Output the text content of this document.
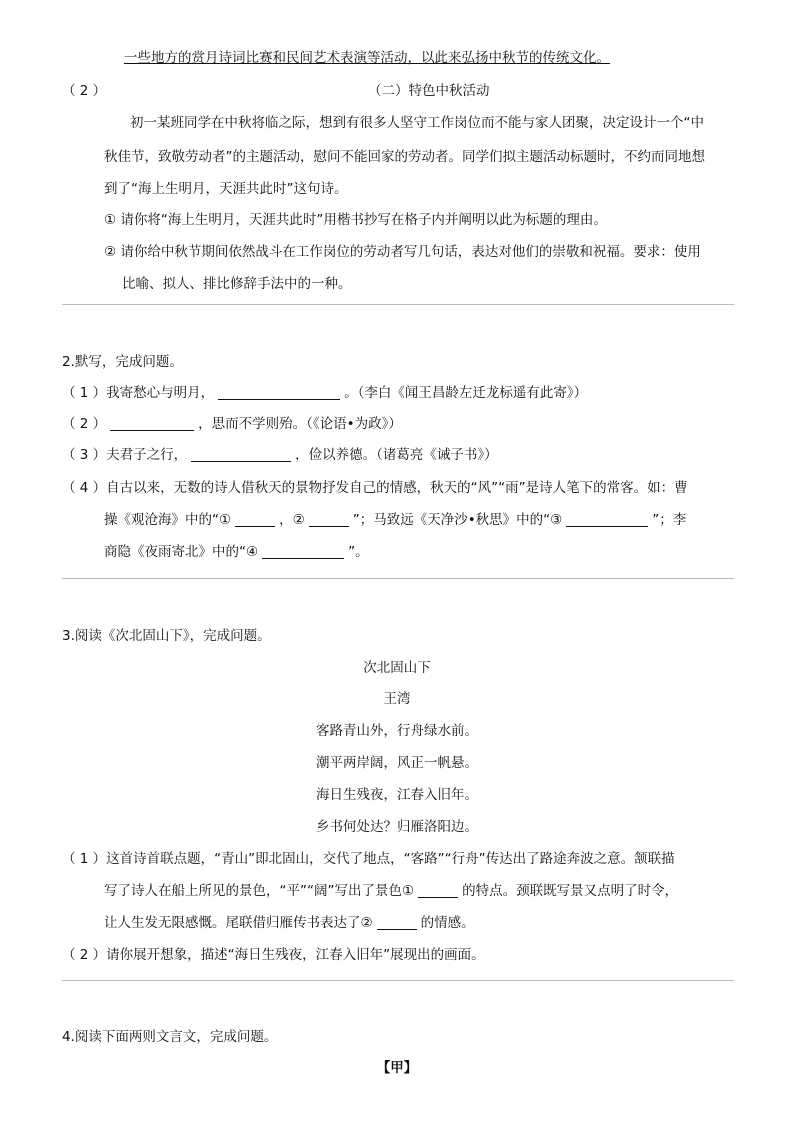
一些地方的赏月诗词比赛和民间艺术表演等活动，以此来弘扬中秋节的传统文化。
（ 2 ）	（二）特色中秋活动
初一某班同学在中秋将临之际，想到有很多人坚守工作岗位而不能与家人团聚，决定设计一个“中
秋佳节，致敬劳动者”的主题活动，慰问不能回家的劳动者。同学们拟主题活动标题时，不约而同地想
到了“海上生明月，天涯共此时”这句诗。
① 请你将“海上生明月，天涯共此时”用楷书抄写在格子内并阐明以此为标题的理由。
② 请你给中秋节期间依然战斗在工作岗位的劳动者写几句话，表达对他们的崇敬和祝福。要求：使用
比喻、拟人、排比修辞手法中的一种。
2.默写，完成问题。
（ 1 ）我寄愁心与明月，	。（李白《闻王昌龄左迁龙标遥有此寄》）
（ 2 ）	，思而不学则殆。（《论语•为政》）
（ 3 ）夫君子之行，	，俭以养德。（诸葛亮《诫子书》）
（ 4 ）自古以来，无数的诗人借秋天的景物抒发自己的情感，秋天的“风”“雨”是诗人笔下的常客。如：曹
操《观沧海》中的“①	，②	”；马致远《天净沙•秋思》中的“③	”；李
商隐《夜雨寄北》中的“④	”。
3.阅读《次北固山下》，完成问题。
次北固山下
王湾
客路青山外，行舟绿水前。
潮平两岸阔，风正一帆悬。
海日生残夜，江春入旧年。
乡书何处达？归雁洛阳边。
（ 1 ）这首诗首联点题，“青山”即北固山，交代了地点，“客路”“行舟”传达出了路途奔波之意。颔联描
写了诗人在船上所见的景色，“平”“阔”写出了景色①	的特点。颈联既写景又点明了时令，
让人生发无限感慨。尾联借归雁传书表达了②	的情感。
（ 2 ）请你展开想象，描述“海日生残夜，江春入旧年”展现出的画面。
4.阅读下面两则文言文，完成问题。
【甲】
